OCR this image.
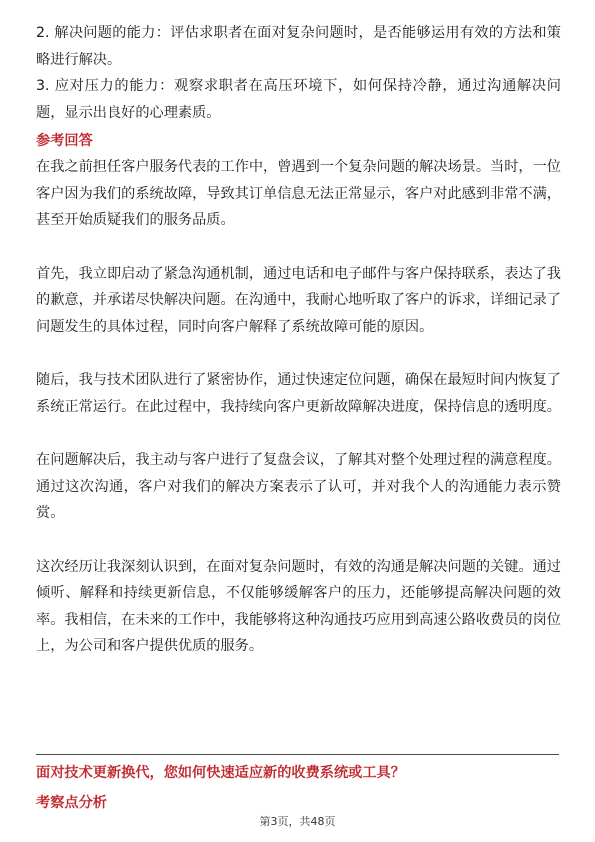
2. 解决问题的能力：评估求职者在面对复杂问题时，是否能够运用有效的方法和策略进行解决。

3. 应对压力的能力：观察求职者在高压环境下，如何保持冷静，通过沟通解决问题，显示出良好的心理素质。

参考回答

在我之前担任客户服务代表的工作中，曾遇到一个复杂问题的解决场景。当时，一位客户因为我们的系统故障，导致其订单信息无法正常显示，客户对此感到非常不满，甚至开始质疑我们的服务品质。

首先，我立即启动了紧急沟通机制，通过电话和电子邮件与客户保持联系，表达了我的歉意，并承诺尽快解决问题。在沟通中，我耐心地听取了客户的诉求，详细记录了问题发生的具体过程，同时向客户解释了系统故障可能的原因。

随后，我与技术团队进行了紧密协作，通过快速定位问题，确保在最短时间内恢复了系统正常运行。在此过程中，我持续向客户更新故障解决进度，保持信息的透明度。

在问题解决后，我主动与客户进行了复盘会议，了解其对整个处理过程的满意程度。通过这次沟通，客户对我们的解决方案表示了认可，并对我个人的沟通能力表示赞赏。

这次经历让我深刻认识到，在面对复杂问题时，有效的沟通是解决问题的关键。通过倾听、解释和持续更新信息，不仅能够缓解客户的压力，还能够提高解决问题的效率。我相信，在未来的工作中，我能够将这种沟通技巧应用到高速公路收费员的岗位上，为公司和客户提供优质的服务。

面对技术更新换代，您如何快速适应新的收费系统或工具？

考察点分析

第3页，共48页
